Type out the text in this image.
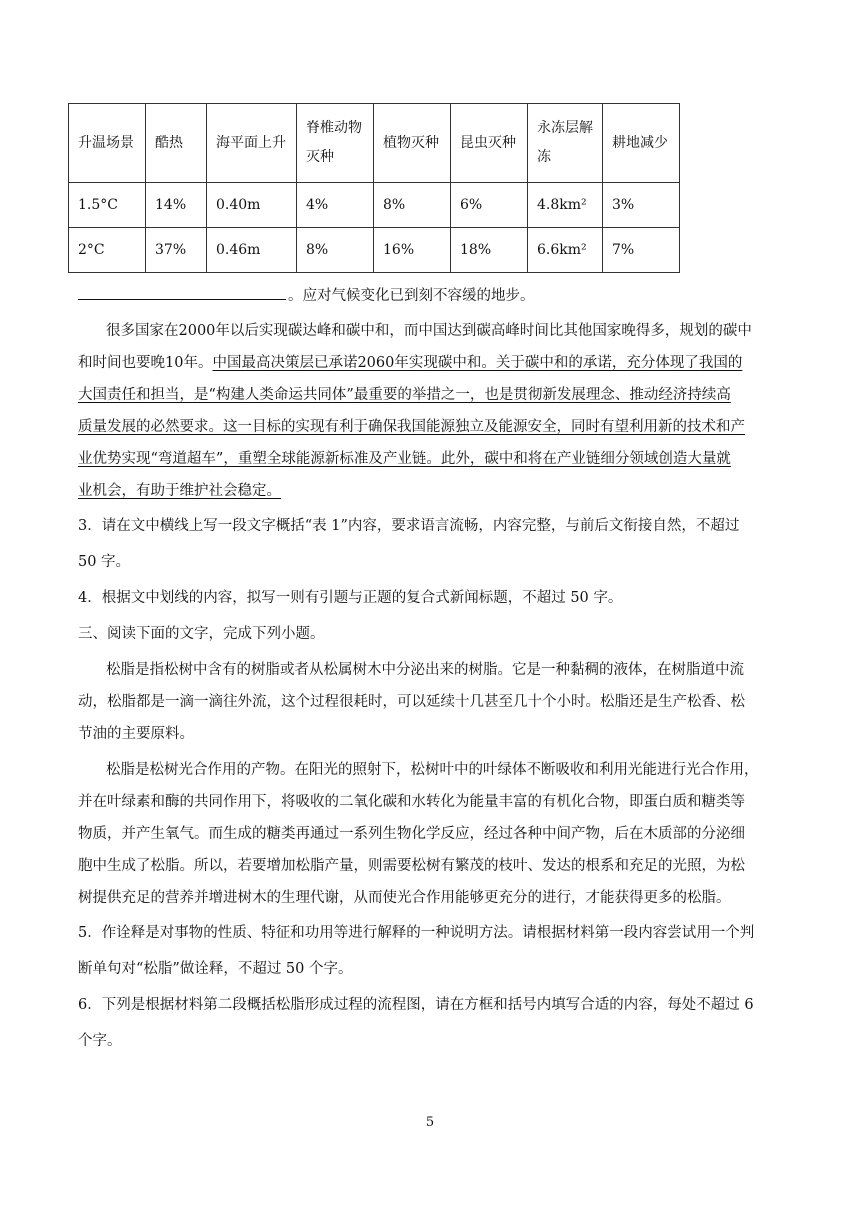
升温场景	酷热	海平面上升	脊椎动物灭种	植物灭种	昆虫灭种	永冻层解冻	耕地减少
1.5°C	14%	0.40m	4%	8%	6%	4.8km²	3%
2°C	37%	0.46m	8%	16%	18%	6.6km²	7%
。应对气候变化已到刻不容缓的地步。
很多国家在2000年以后实现碳达峰和碳中和，而中国达到碳高峰时间比其他国家晚得多，规划的碳中
和时间也要晚10年。中国最高决策层已承诺2060年实现碳中和。关于碳中和的承诺，充分体现了我国的
大国责任和担当，是“构建人类命运共同体”最重要的举措之一，也是贯彻新发展理念、推动经济持续高
质量发展的必然要求。这一目标的实现有利于确保我国能源独立及能源安全，同时有望利用新的技术和产
业优势实现“弯道超车”，重塑全球能源新标准及产业链。此外，碳中和将在产业链细分领域创造大量就
业机会，有助于维护社会稳定。
3．请在文中横线上写一段文字概括“表 1”内容，要求语言流畅，内容完整，与前后文衔接自然，不超过
50 字。
4．根据文中划线的内容，拟写一则有引题与正题的复合式新闻标题，不超过 50 字。
三、阅读下面的文字，完成下列小题。
松脂是指松树中含有的树脂或者从松属树木中分泌出来的树脂。它是一种黏稠的液体，在树脂道中流
动，松脂都是一滴一滴往外流，这个过程很耗时，可以延续十几甚至几十个小时。松脂还是生产松香、松
节油的主要原料。
松脂是松树光合作用的产物。在阳光的照射下，松树叶中的叶绿体不断吸收和利用光能进行光合作用，
并在叶绿素和酶的共同作用下，将吸收的二氧化碳和水转化为能量丰富的有机化合物，即蛋白质和糖类等
物质，并产生氧气。而生成的糖类再通过一系列生物化学反应，经过各种中间产物，后在木质部的分泌细
胞中生成了松脂。所以，若要增加松脂产量，则需要松树有繁茂的枝叶、发达的根系和充足的光照，为松
树提供充足的营养并增进树木的生理代谢，从而使光合作用能够更充分的进行，才能获得更多的松脂。
5．作诠释是对事物的性质、特征和功用等进行解释的一种说明方法。请根据材料第一段内容尝试用一个判
断单句对“松脂”做诠释，不超过 50 个字。
6．下列是根据材料第二段概括松脂形成过程的流程图，请在方框和括号内填写合适的内容，每处不超过 6
个字。
5
